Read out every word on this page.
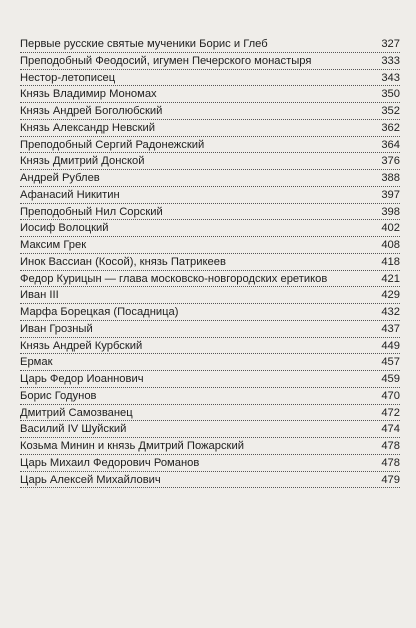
Первые русские святые мученики Борис и Глеб	327
Преподобный Феодосий, игумен Печерского монастыря	333
Нестор-летописец	343
Князь Владимир Мономах	350
Князь Андрей Боголюбский	352
Князь Александр Невский	362
Преподобный Сергий Радонежский	364
Князь Дмитрий Донской	376
Андрей Рублев	388
Афанасий Никитин	397
Преподобный Нил Сорский	398
Иосиф Волоцкий	402
Максим Грек	408
Инок Вассиан (Косой), князь Патрикеев	418
Федор Курицын — глава московско-новгородских еретиков	421
Иван III	429
Марфа Борецкая (Посадница)	432
Иван Грозный	437
Князь Андрей Курбский	449
Ермак	457
Царь Федор Иоаннович	459
Борис Годунов	470
Дмитрий Самозванец	472
Василий IV Шуйский	474
Козьма Минин и князь Дмитрий Пожарский	478
Царь Михаил Федорович Романов	478
Царь Алексей Михайлович	479
